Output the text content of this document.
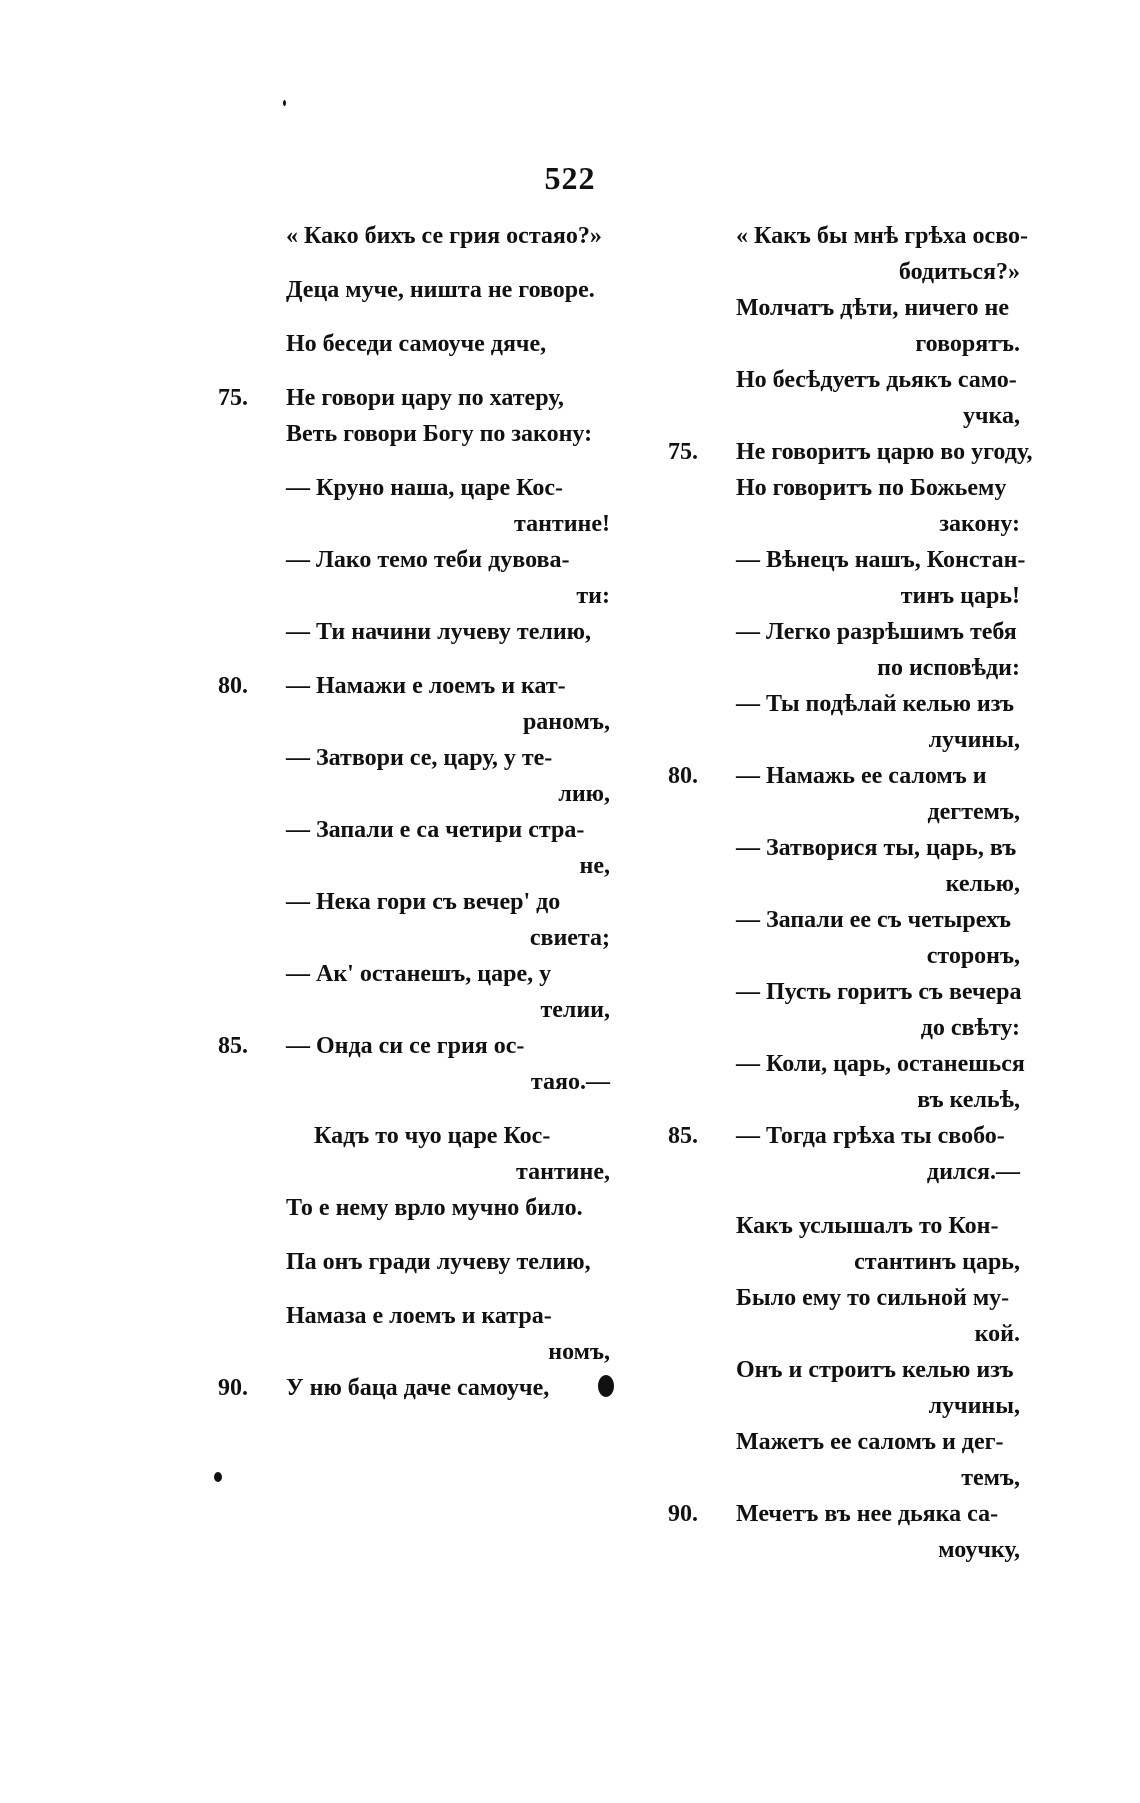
522
« Како бихъ се грия остаяо?»
Деца муче, ништа не говоре.
Но беседи самоуче дяче,
75. Не говори цару по хатеру,
Веть говори Богу по закону:
— Круно наша, царе Кос-
тантине!
— Лако темо теби дувова-
ти:
— Ти начини лучеву телию,
80. — Намажи е лоемъ и кат-
раномъ,
— Затвори се, цару, у те-
лию,
— Запали е са четири стра-
не,
— Нека гори съ вечер' до
свиета;
— Ак' останешъ, царе, у
телии,
85. — Онда си се грия ос-
таяо.—
Кадъ то чуо царе Кос-
тантине,
То е нему врло мучно било.
Па онъ гради лучеву телию,
Намаза е лоемъ и катра-
номъ,
90. У ню баца даче самоуче,
« Какъ бы мнѣ грѣха осво-
бодиться?»
Молчатъ дѣти, ничего не
говорятъ.
Но бесѣдуетъ дьякъ само-
учка,
75. Не говоритъ царю во угоду,
Но говоритъ по Божьему
закону:
— Вѣнецъ нашъ, Констан-
тинъ царь!
— Легко разрѣшимъ тебя
по исповѣди:
— Ты подѣлай келью изъ
лучины,
80. — Намажь ее саломъ и
дегтемъ,
— Затворися ты, царь, въ
келью,
— Запали ее съ четырехъ
сторонъ,
— Пусть горитъ съ вечера
до свѣту:
— Коли, царь, останешься
въ кельѣ,
85. — Тогда грѣха ты свобо-
дился.—
Какъ услышалъ то Кон-
стантинъ царь,
Было ему то сильной му-
кой.
Онъ и строитъ келью изъ
лучины,
Мажетъ ее саломъ и дег-
темъ,
90. Мечетъ въ нее дьяка са-
моучку,
